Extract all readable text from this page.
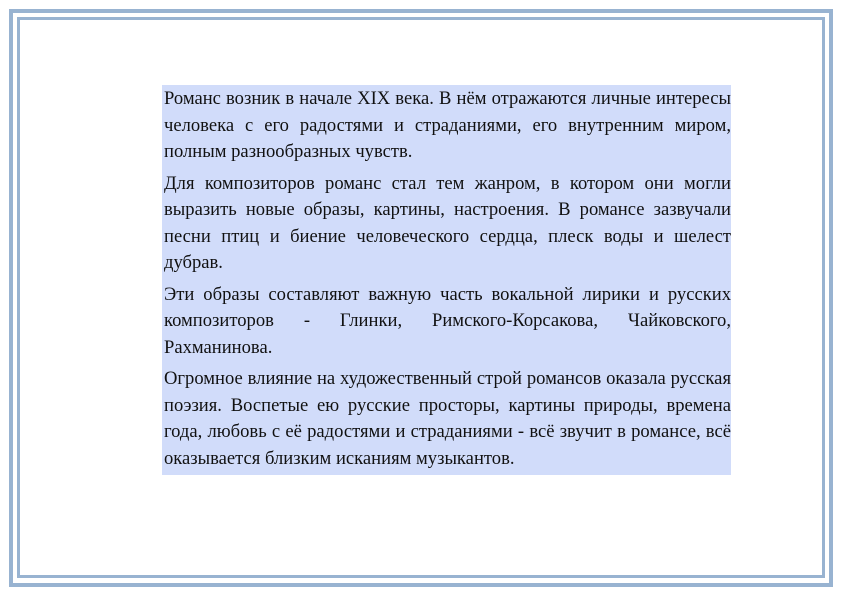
Романс возник в начале XIX века. В нём отражаются личные интересы человека с его радостями и страданиями, его внутренним миром, полным разнообразных чувств.

Для композиторов романс стал тем жанром, в котором они могли выразить новые образы, картины, настроения. В романсе зазвучали песни птиц и биение человеческого сердца, плеск воды и шелест дубрав.

Эти образы составляют важную часть вокальной лирики и русских композиторов - Глинки, Римского-Корсакова, Чайковского, Рахманинова.

Огромное влияние на художественный строй романсов оказала русская поэзия. Воспетые ею русские просторы, картины природы, времена года, любовь с её радостями и страданиями - всё звучит в романсе, всё оказывается близким исканиям музыкантов.
